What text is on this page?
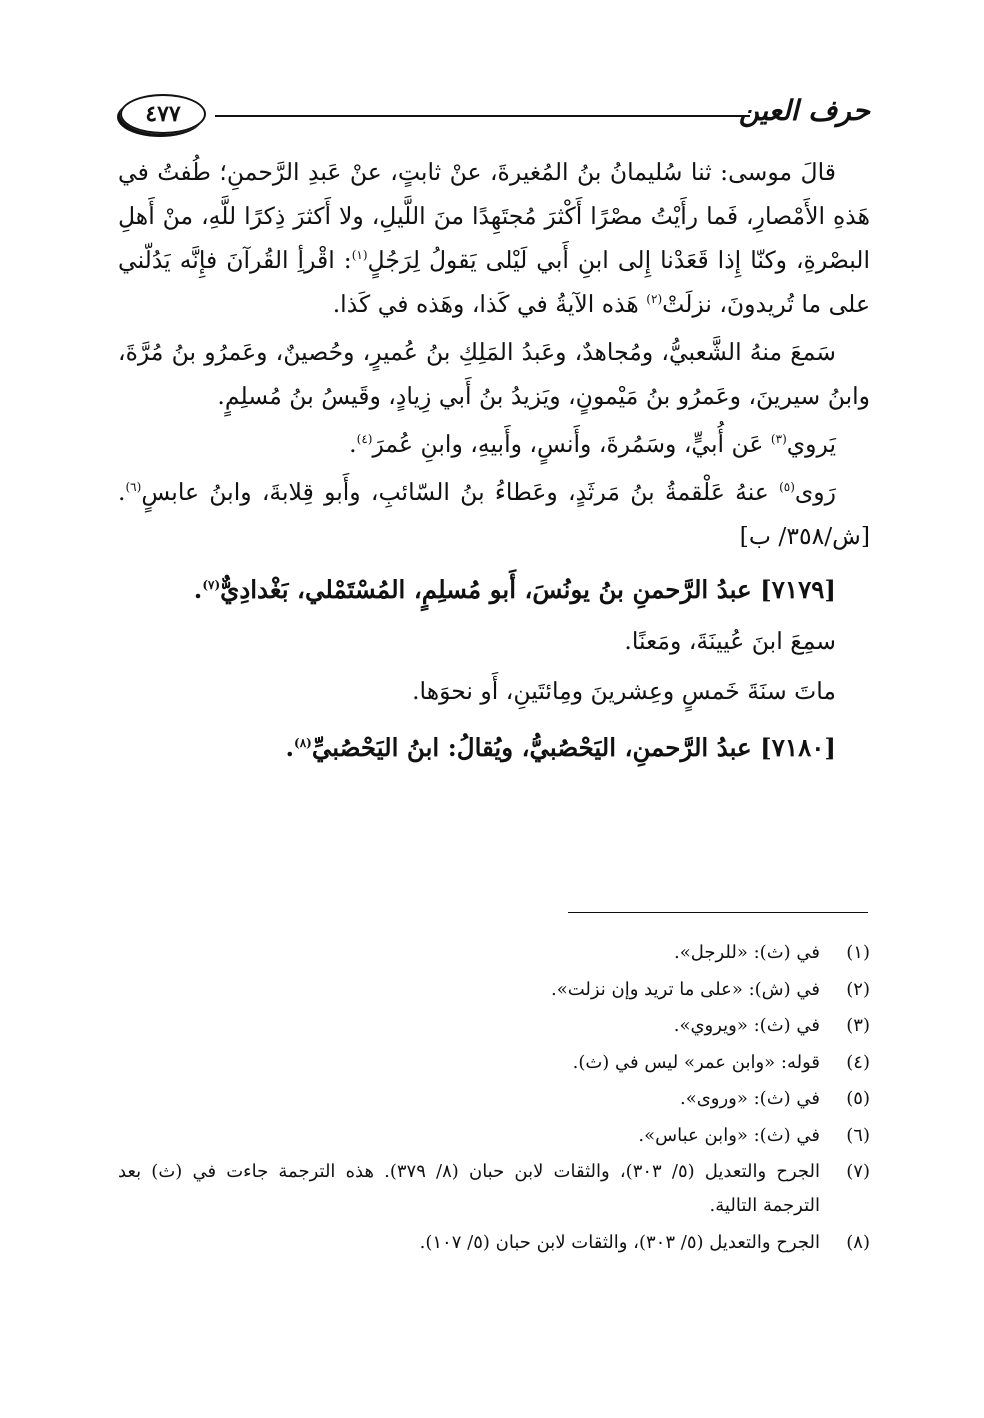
حرف العين
٤٧٧

قالَ موسى: ثنا سُليمانُ بنُ المُغيرةَ، عنْ ثابتٍ، عنْ عَبدِ الرَّحمنِ؛ طُفتُ في هَذهِ الأَمْصارِ، فَما رأَيْتُ مصْرًا أَكْثرَ مُجتَهِدًا منَ اللَّيلِ، ولا أَكثرَ ذِكرًا للَّهِ، منْ أَهلِ البصْرةِ، وكنّا إِذا قَعَدْنا إِلى ابنِ أَبي لَيْلى يَقولُ لِرَجُلٍ$^{(١)}$: اقْرأِ القُرآنَ فإِنَّه يَدُلّني على ما تُريدونَ، نزلَتْ$^{(٢)}$ هَذه الآيةُ في كَذا، وهَذه في كَذا.

سَمعَ منهُ الشَّعبيُّ، ومُجاهدٌ، وعَبدُ المَلِكِ بنُ عُميرٍ، وحُصينٌ، وعَمرُو بنُ مُرَّةَ، وابنُ سيرينَ، وعَمرُو بنُ مَيْمونٍ، ويَزيدُ بنُ أَبي زِيادٍ، وقَيسُ بنُ مُسلِمٍ.

يَروي$^{(٣)}$ عَن أُبيٍّ، وسَمُرةَ، وأَنسٍ، وأَبيهِ، وابنِ عُمرَ$^{(٤)}$.

رَوى$^{(٥)}$ عنهُ عَلْقمةُ بنُ مَرثَدٍ، وعَطاءُ بنُ السّائبِ، وأَبو قِلابةَ، وابنُ عابسٍ$^{(٦)}$.[ش/٣٥٨/ ب]

[٧١٧٩] عبدُ الرَّحمنِ بنُ يونُسَ، أَبو مُسلِمٍ، المُسْتَمْلي، بَغْدادِيٌّ$^{(٧)}$.

سمِعَ ابنَ عُيينَةَ، ومَعنًا.

ماتَ سنَةَ خَمسٍ وعِشرينَ ومِائتَينِ، أَو نحوَها.

[٧١٨٠] عبدُ الرَّحمنِ، اليَحْصُبيُّ، ويُقالُ: ابنُ اليَحْصُبيِّ$^{(٨)}$.

(١)
في (ث): «للرجل».
(٢)
في (ش): «على ما تريد وإن نزلت».
(٣)
في (ث): «ويروي».
(٤)
قوله: «وابن عمر» ليس في (ث).
(٥)
في (ث): «وروى».
(٦)
في (ث): «وابن عباس».
(٧)
الجرح والتعديل (٥/ ٣٠٣)، والثقات لابن حبان (٨/ ٣٧٩). هذه الترجمة جاءت في (ث) بعد الترجمة التالية.
(٨)
الجرح والتعديل (٥/ ٣٠٣)، والثقات لابن حبان (٥/ ١٠٧).
